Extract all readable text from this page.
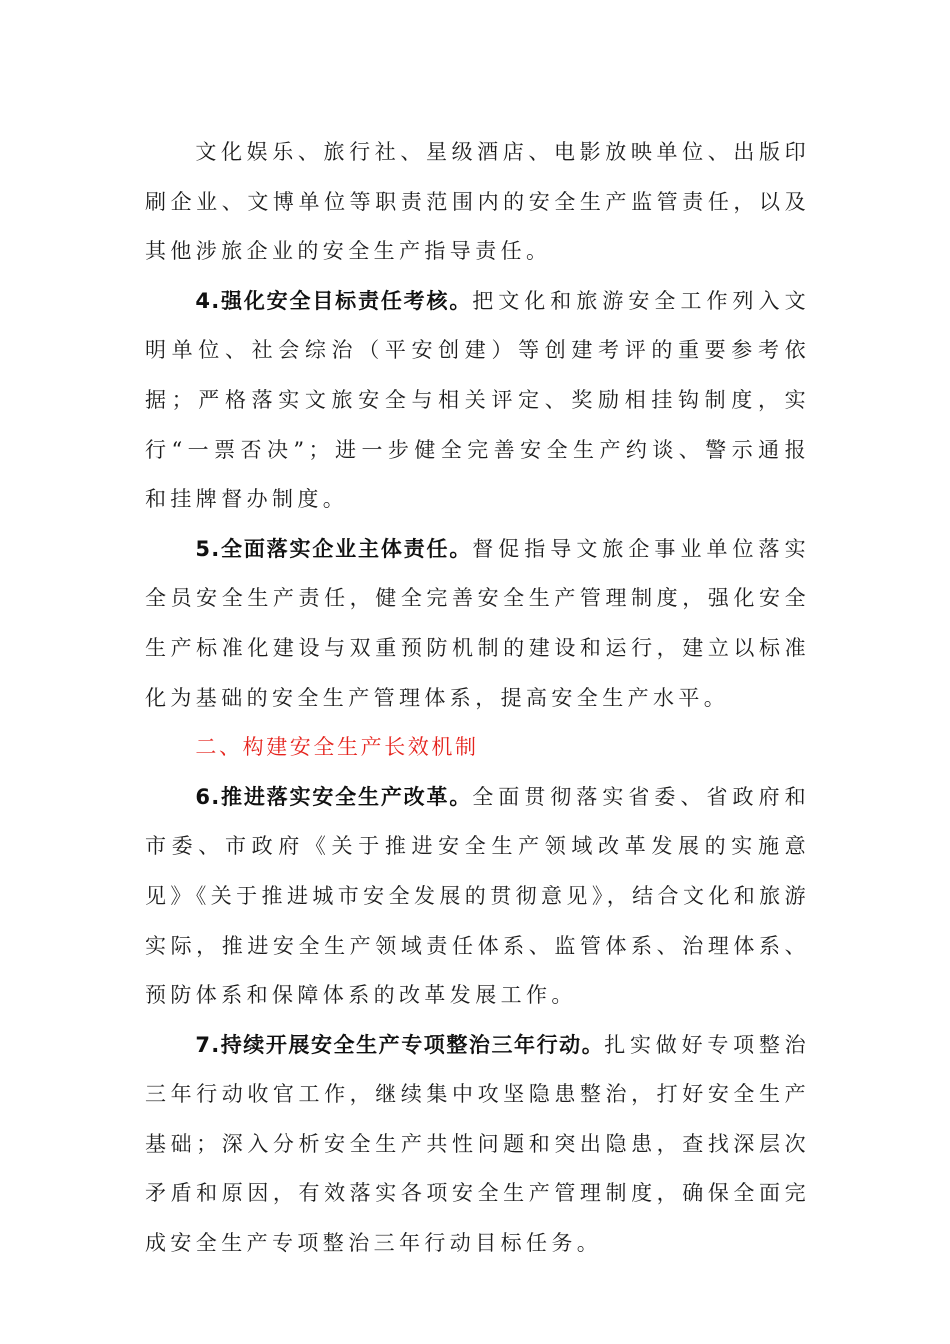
文化娱乐、旅行社、星级酒店、电影放映单位、出版印刷企业、文博单位等职责范围内的安全生产监管责任，以及其他涉旅企业的安全生产指导责任。

4.强化安全目标责任考核。把文化和旅游安全工作列入文明单位、社会综治（平安创建）等创建考评的重要参考依据；严格落实文旅安全与相关评定、奖励相挂钩制度，实行“一票否决”；进一步健全完善安全生产约谈、警示通报和挂牌督办制度。

5.全面落实企业主体责任。督促指导文旅企事业单位落实全员安全生产责任，健全完善安全生产管理制度，强化安全生产标准化建设与双重预防机制的建设和运行，建立以标准化为基础的安全生产管理体系，提高安全生产水平。

二、构建安全生产长效机制

6.推进落实安全生产改革。全面贯彻落实省委、省政府和市委、市政府《关于推进安全生产领域改革发展的实施意见》《关于推进城市安全发展的贯彻意见》，结合文化和旅游实际，推进安全生产领域责任体系、监管体系、治理体系、预防体系和保障体系的改革发展工作。

7.持续开展安全生产专项整治三年行动。扎实做好专项整治三年行动收官工作，继续集中攻坚隐患整治，打好安全生产基础；深入分析安全生产共性问题和突出隐患，查找深层次矛盾和原因，有效落实各项安全生产管理制度，确保全面完成安全生产专项整治三年行动目标任务。
